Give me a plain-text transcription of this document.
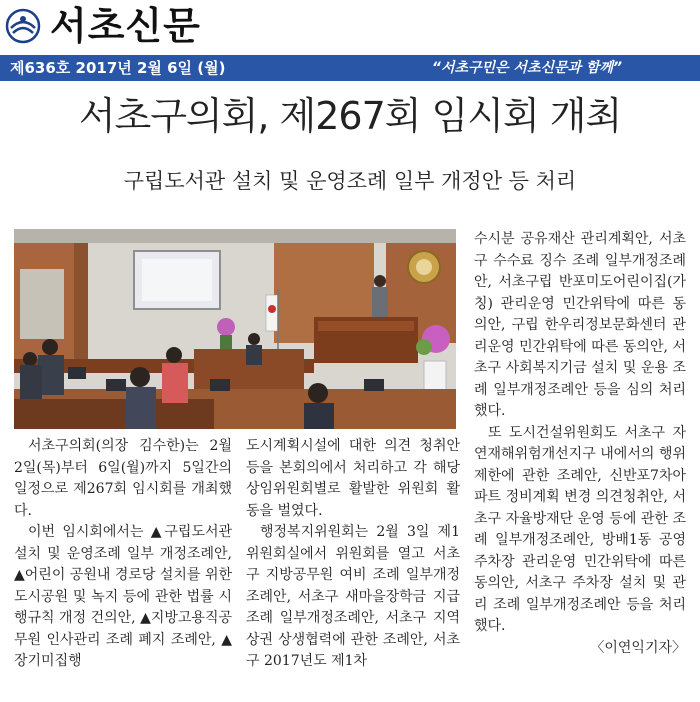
서초신문
제636호 2017년 2월 6일 (월)	“서초구민은 서초신문과 함께”
서초구의회, 제267회 임시회 개최
구립도서관 설치 및 운영조례 일부 개정안 등 처리

서초구의회(의장 김수한)는 2월 2일(목)부터 6일(월)까지 5일간의 일정으로 제267회 임시회를 개최했다.

이번 임시회에서는 ▲구립도서관 설치 및 운영조례 일부 개정조례안, ▲어린이 공원내 경로당 설치를 위한 도시공원 및 녹지 등에 관한 법률 시행규칙 개정 건의안, ▲지방고용직공무원 인사관리 조례 폐지 조례안, ▲장기미집행

도시계획시설에 대한 의견 청취안 등을 본회의에서 처리하고 각 해당 상임위원회별로 활발한 위원회 활동을 벌였다.

행정복지위원회는 2월 3일 제1위원회실에서 위원회를 열고 서초구 지방공무원 여비 조례 일부개정조례안, 서초구 새마을장학금 지급 조례 일부개정조례안, 서초구 지역상권 상생협력에 관한 조례안, 서초구 2017년도 제1차

수시분 공유재산 관리계획안, 서초구 수수료 징수 조례 일부개정조례안, 서초구립 반포미도어린이집(가칭) 관리운영 민간위탁에 따른 동의안, 구립 한우리정보문화센터 관리운영 민간위탁에 따른 동의안, 서초구 사회복지기금 설치 및 운용 조례 일부개정조례안 등을 심의 처리했다.

또 도시건설위원회도 서초구 자연재해위험개선지구 내에서의 행위제한에 관한 조례안, 신반포7차아파트 정비계획 변경 의견청취안, 서초구 자율방재단 운영 등에 관한 조례 일부개정조례안, 방배1동 공영주차장 관리운영 민간위탁에 따른 동의안, 서초구 주차장 설치 및 관리 조례 일부개정조례안 등을 처리했다.

〈이연익기자〉
